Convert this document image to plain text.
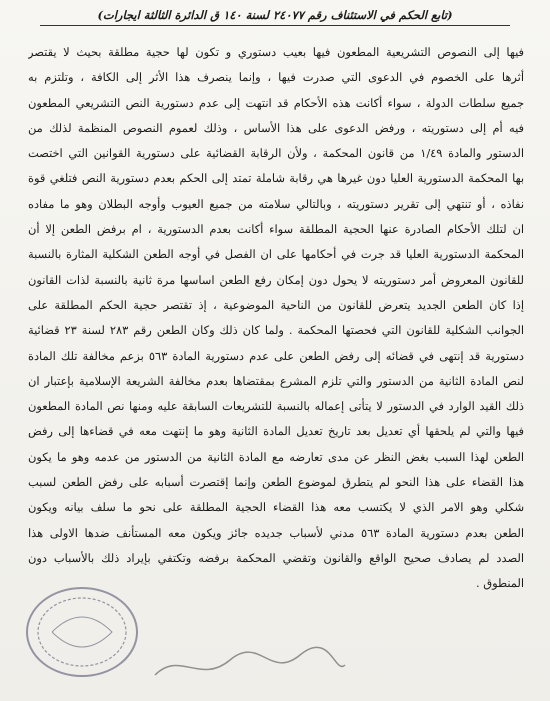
(تابع الحكم في الاستئناف رقم ٢٤٠٧٧ لسنة ١٤٠ ق الدائرة الثالثة ايجارات)
فيها إلى النصوص التشريعية المطعون فيها بعيب دستوري و تكون لها حجية مطلقة بحيث لا يقتصر
أثرها على الخصوم في الدعوى التي صدرت فيها ، وإنما ينصرف هذا الأثر إلى الكافة ، وتلتزم به
جميع سلطات الدولة ، سواء أكانت هذه الأحكام قد انتهت إلى عدم دستورية النص التشريعي المطعون
فيه أم إلى دستوريته ، ورفض الدعوى على هذا الأساس ، وذلك لعموم النصوص المنظمة لذلك من
الدستور والمادة ١/٤٩ من قانون المحكمة ، ولأن الرقابة القضائية على دستورية القوانين التي اختصت
بها المحكمة الدستورية العليا دون غيرها هي رقابة شاملة تمتد إلى الحكم بعدم دستورية النص فتلغي قوة
نفاذه ، أو تنتهي إلى تقرير دستوريته ، وبالتالي سلامته من جميع العيوب وأوجه البطلان وهو ما مفاده
ان لتلك الأحكام الصادرة عنها الحجية المطلقة سواء أكانت بعدم الدستورية ، ام برفض الطعن إلا أن
المحكمة الدستورية العليا قد جرت في أحكامها على ان الفصل في أوجه الطعن الشكلية المثارة بالنسبة
للقانون المعروض أمر دستوريته لا يحول دون إمكان رفع الطعن اساسها مرة ثانية بالنسبة لذات القانون
إذا كان الطعن الجديد يتعرض للقانون من الناحية الموضوعية ، إذ تقتصر حجية الحكم المطلقة على
الجوانب الشكلية للقانون التي فحصتها المحكمة . ولما كان ذلك وكان الطعن رقم ٢٨٣ لسنة ٢٣ قضائية
دستورية قد إنتهى في قضائه إلى رفض الطعن على عدم دستورية المادة ٥٦٣ بزعم مخالفة تلك المادة
لنص المادة الثانية من الدستور والتي تلزم المشرع بمقتضاها بعدم مخالفة الشريعة الإسلامية بإعتبار ان
ذلك القيد الوارد في الدستور لا يتأتى إعماله بالنسبة للتشريعات السابقة عليه ومنها نص المادة المطعون
فيها والتي لم يلحقها أي تعديل بعد تاريخ تعديل المادة الثانية وهو ما إنتهت معه في قضاءها إلى رفض
الطعن لهذا السبب بغض النظر عن مدى تعارضه مع المادة الثانية من الدستور من عدمه وهو ما يكون
هذا القضاء على هذا النحو لم يتطرق لموضوع الطعن وإنما إقتصرت أسبابه على رفض الطعن لسبب
شكلي وهو الامر الذي لا يكتسب معه هذا القضاء الحجية المطلقة على نحو ما سلف بيانه ويكون
الطعن بعدم دستورية المادة ٥٦٣ مدني لأسباب جديده جائز ويكون معه المستأنف ضدها الاولى هذا
الصدد لم يصادف صحيح الواقع والقانون وتقضي المحكمة برفضه وتكتفي بإيراد ذلك بالأسباب دون
المنطوق .
